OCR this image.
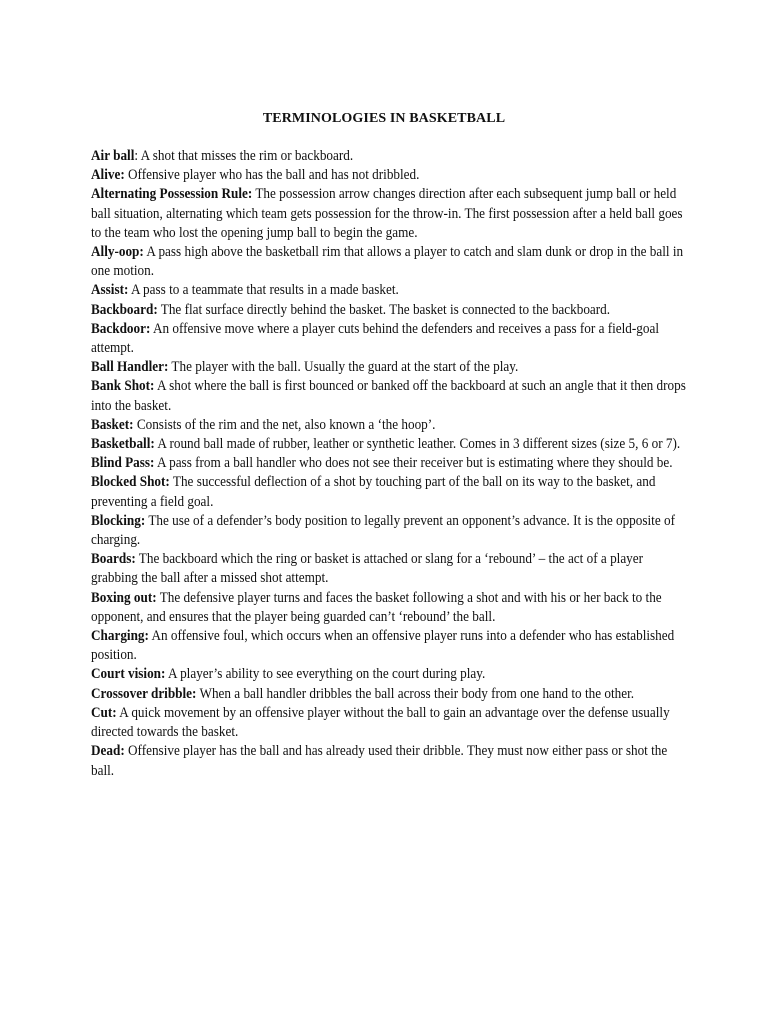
TERMINOLOGIES IN BASKETBALL

Air ball: A shot that misses the rim or backboard.

Alive: Offensive player who has the ball and has not dribbled.

Alternating Possession Rule: The possession arrow changes direction after each subsequent jump ball or held ball situation, alternating which team gets possession for the throw-in. The first possession after a held ball goes to the team who lost the opening jump ball to begin the game.

Ally-oop: A pass high above the basketball rim that allows a player to catch and slam dunk or drop in the ball in one motion.

Assist: A pass to a teammate that results in a made basket.

Backboard: The flat surface directly behind the basket. The basket is connected to the backboard.

Backdoor: An offensive move where a player cuts behind the defenders and receives a pass for a field-goal attempt.

Ball Handler: The player with the ball. Usually the guard at the start of the play.

Bank Shot: A shot where the ball is first bounced or banked off the backboard at such an angle that it then drops into the basket.

Basket: Consists of the rim and the net, also known a ‘the hoop’.

Basketball: A round ball made of rubber, leather or synthetic leather. Comes in 3 different sizes (size 5, 6 or 7).

Blind Pass: A pass from a ball handler who does not see their receiver but is estimating where they should be.

Blocked Shot: The successful deflection of a shot by touching part of the ball on its way to the basket, and preventing a field goal.

Blocking: The use of a defender’s body position to legally prevent an opponent’s advance. It is the opposite of charging.

Boards: The backboard which the ring or basket is attached or slang for a ‘rebound’ – the act of a player grabbing the ball after a missed shot attempt.

Boxing out: The defensive player turns and faces the basket following a shot and with his or her back to the opponent, and ensures that the player being guarded can’t ‘rebound’ the ball.

Charging: An offensive foul, which occurs when an offensive player runs into a defender who has established position.

Court vision: A player’s ability to see everything on the court during play.

Crossover dribble: When a ball handler dribbles the ball across their body from one hand to the other.

Cut: A quick movement by an offensive player without the ball to gain an advantage over the defense usually directed towards the basket.

Dead: Offensive player has the ball and has already used their dribble. They must now either pass or shot the ball.
